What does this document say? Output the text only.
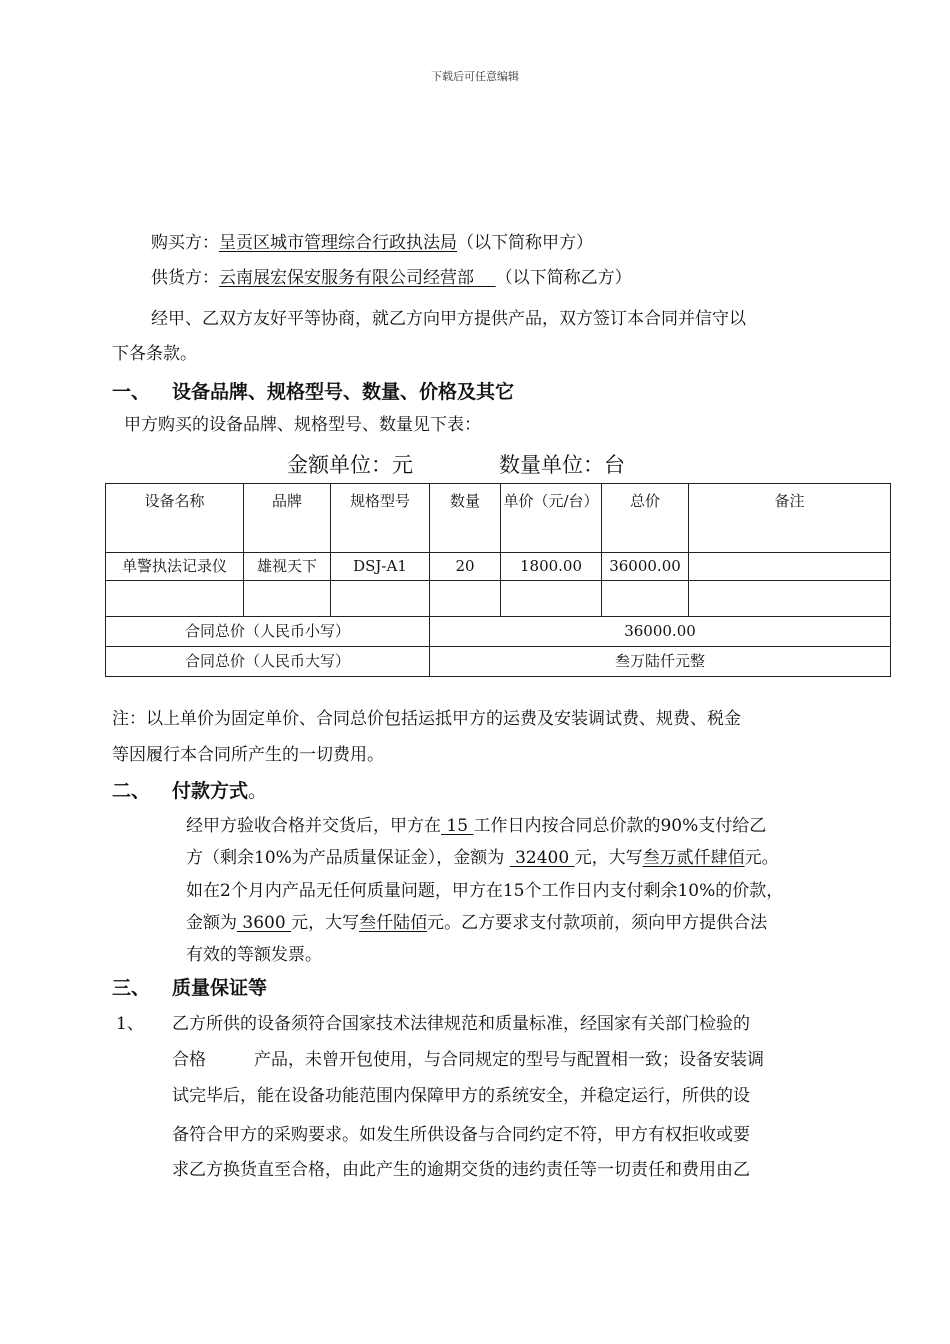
下载后可任意编辑
购买方：呈贡区城市管理综合行政执法局（以下简称甲方）
供货方：云南展宏保安服务有限公司经营部 （以下简称乙方）
经甲、乙双方友好平等协商，就乙方向甲方提供产品，双方签订本合同并信守以
下各条款。
一、 设备品牌、规格型号、数量、价格及其它
甲方购买的设备品牌、规格型号、数量见下表：
金额单位：元	数量单位：台
设备名称	品牌	规格型号	数量	单价（元/台）	总价	备注
单警执法记录仪	雄视天下	DSJ-A1	20	1800.00	36000.00	

合同总价（人民币小写）			36000.00			
合同总价（人民币大写）			叁万陆仟元整			
注：以上单价为固定单价、合同总价包括运抵甲方的运费及安装调试费、规费、税金
等因履行本合同所产生的一切费用。
二、 付款方式。
经甲方验收合格并交货后，甲方在 15 工作日内按合同总价款的90%支付给乙
方（剩余10%为产品质量保证金），金额为  32400 元，大写叁万贰仟肆佰元。
如在2个月内产品无任何质量问题，甲方在15个工作日内支付剩余10%的价款，
金额为 3600 元，大写叁仟陆佰元。乙方要求支付款项前，须向甲方提供合法
有效的等额发票。
三、 质量保证等
1、 乙方所供的设备须符合国家技术法律规范和质量标准，经国家有关部门检验的
合格	产品，未曾开包使用，与合同规定的型号与配置相一致；设备安装调
试完毕后，能在设备功能范围内保障甲方的系统安全，并稳定运行，所供的设
备符合甲方的采购要求。如发生所供设备与合同约定不符，甲方有权拒收或要
求乙方换货直至合格，由此产生的逾期交货的违约责任等一切责任和费用由乙
